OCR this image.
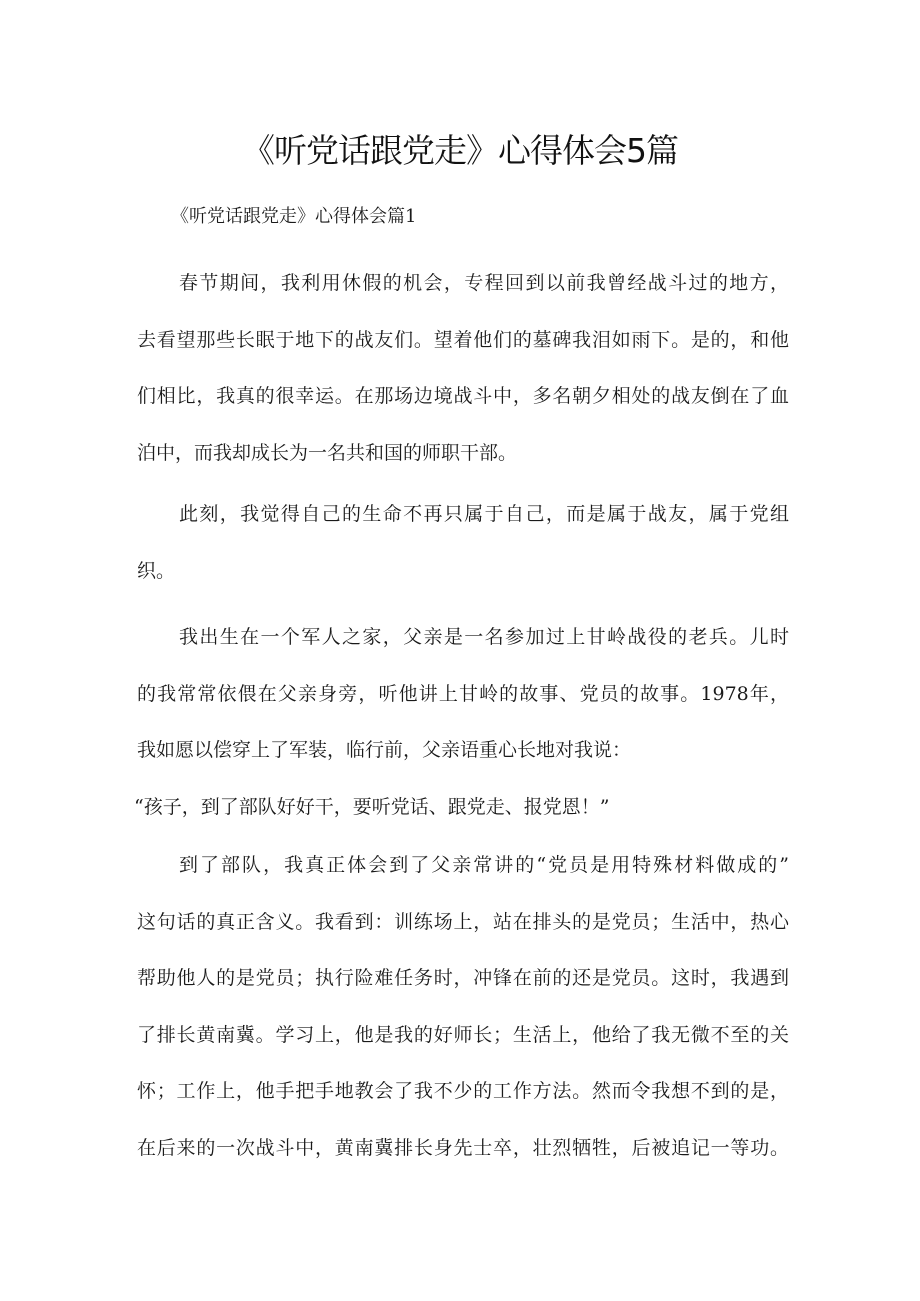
《听党话跟党走》心得体会5篇
《听党话跟党走》心得体会篇1

春节期间，我利用休假的机会，专程回到以前我曾经战斗过的地方，
去看望那些长眠于地下的战友们。望着他们的墓碑我泪如雨下。是的，和他
们相比，我真的很幸运。在那场边境战斗中，多名朝夕相处的战友倒在了血
泊中，而我却成长为一名共和国的师职干部。

此刻，我觉得自己的生命不再只属于自己，而是属于战友，属于党组
织。

我出生在一个军人之家，父亲是一名参加过上甘岭战役的老兵。儿时
的我常常依偎在父亲身旁，听他讲上甘岭的故事、党员的故事。1978年，
我如愿以偿穿上了军装，临行前，父亲语重心长地对我说：
“孩子，到了部队好好干，要听党话、跟党走、报党恩！”

到了部队，我真正体会到了父亲常讲的“党员是用特殊材料做成的”
这句话的真正含义。我看到：训练场上，站在排头的是党员；生活中，热心
帮助他人的是党员；执行险难任务时，冲锋在前的还是党员。这时，我遇到
了排长黄南冀。学习上，他是我的好师长；生活上，他给了我无微不至的关
怀；工作上，他手把手地教会了我不少的工作方法。然而令我想不到的是，
在后来的一次战斗中，黄南冀排长身先士卒，壮烈牺牲，后被追记一等功。
